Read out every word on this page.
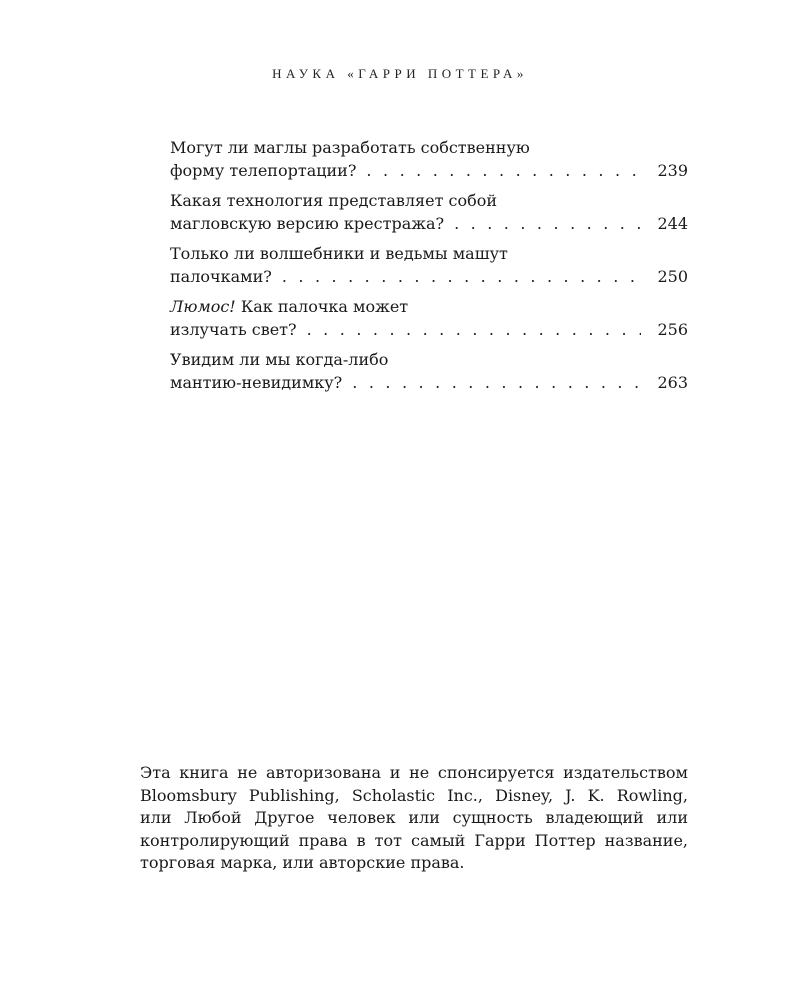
НАУКА «ГАРРИ ПОТТЕРА»
Могут ли маглы разработать собственную
форму телепортации? . . .	239
Какая технология представляет собой
магловскую версию крестража? . . .	244
Только ли волшебники и ведьмы машут
палочками? . . .	250
Люмос! Как палочка может
излучать свет? . . .	256
Увидим ли мы когда-либо
мантию-невидимку? . . .	263
Эта книга не авторизована и не спонсируется издательством
Bloomsbury Publishing, Scholastic Inc., Disney, J. K. Rowling,
или Любой Другое человек или сущность владеющий или
контролирующий права в тот самый Гарри Поттер название,
торговая марка, или авторские права.
